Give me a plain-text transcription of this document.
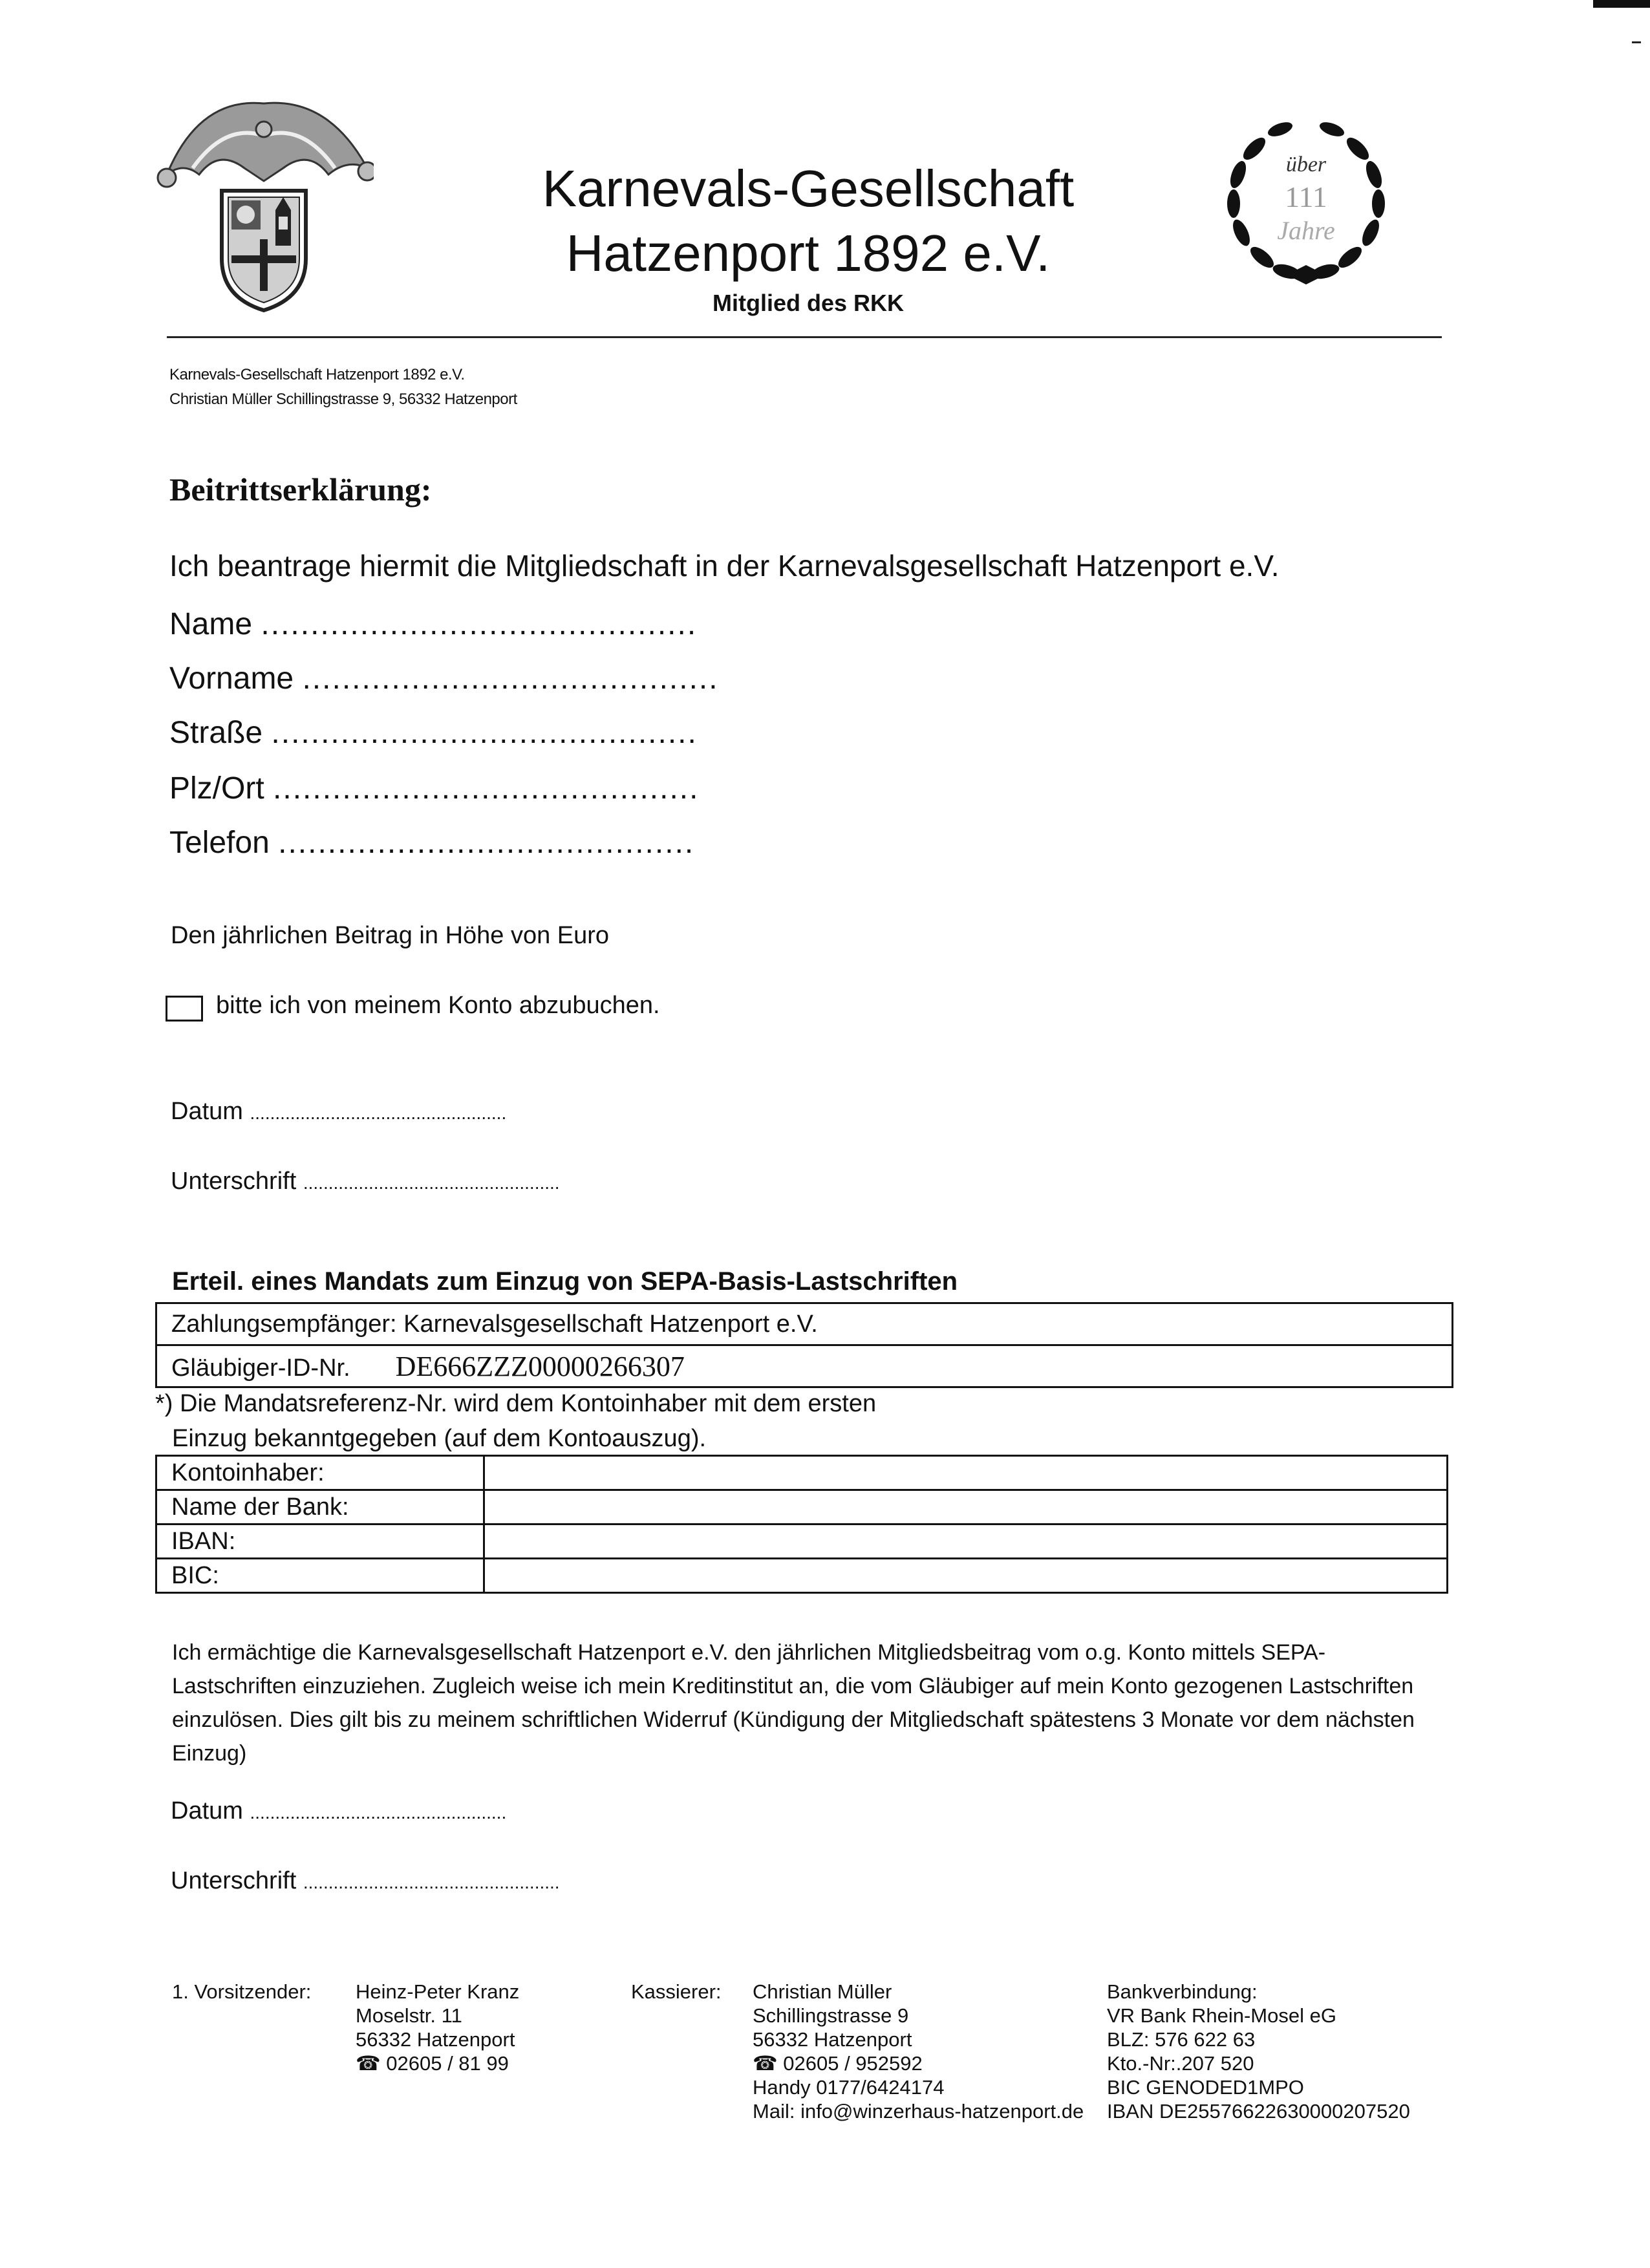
Karnevals-Gesellschaft
Hatzenport 1892 e.V.
Mitglied des RKK
über
111
Jahre
Karnevals-Gesellschaft Hatzenport 1892 e.V.
Christian Müller Schillingstrasse 9, 56332 Hatzenport
Beitrittserklärung:
Ich beantrage hiermit die Mitgliedschaft in der Karnevalsgesellschaft Hatzenport e.V.
Name ............................................
Vorname ..........................................
Straße ...........................................
Plz/Ort ...........................................
Telefon ..........................................
Den jährlichen Beitrag in Höhe von Euro
bitte ich von meinem Konto abzubuchen.
Datum ...................................................
Unterschrift ...................................................
Erteil. eines Mandats zum Einzug von SEPA-Basis-Lastschriften
Zahlungsempfänger: Karnevalsgesellschaft Hatzenport e.V.
Gläubiger-ID-Nr. DE666ZZZ00000266307
*) Die Mandatsreferenz-Nr. wird dem Kontoinhaber mit dem ersten
Einzug bekanntgegeben (auf dem Kontoauszug).
Kontoinhaber:	
Name der Bank:	
IBAN:	
BIC:	
Ich ermächtige die Karnevalsgesellschaft Hatzenport e.V. den jährlichen Mitgliedsbeitrag vom o.g. Konto mittels SEPA-Lastschriften einzuziehen. Zugleich weise ich mein Kreditinstitut an, die vom Gläubiger auf mein Konto gezogenen Lastschriften einzulösen. Dies gilt bis zu meinem schriftlichen Widerruf (Kündigung der Mitgliedschaft spätestens 3 Monate vor dem nächsten Einzug)
Datum ...................................................
Unterschrift ...................................................
1. Vorsitzender: Heinz-Peter Kranz
Moselstr. 11
56332 Hatzenport
☎ 02605 / 81 99
Kassierer: Christian Müller
Schillingstrasse 9
56332 Hatzenport
☎ 02605 / 952592
Handy 0177/6424174
Mail: info@winzerhaus-hatzenport.de
Bankverbindung:
VR Bank Rhein-Mosel eG
BLZ: 576 622 63
Kto.-Nr:.207 520
BIC GENODED1MPO
IBAN DE25576622630000207520
